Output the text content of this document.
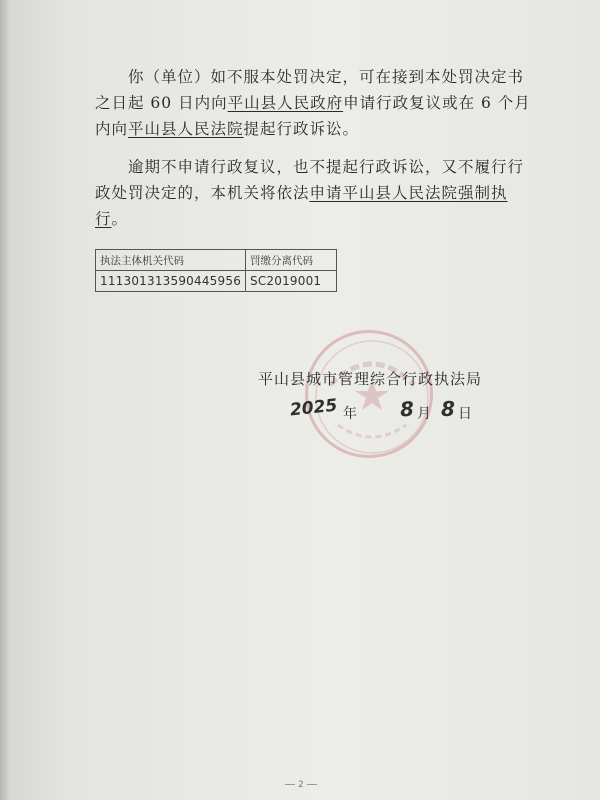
　　你（单位）如不服本处罚决定，可在接到本处罚决定书
之日起 60 日内向平山县人民政府申请行政复议或在 6 个月
内向平山县人民法院提起行政诉讼。

　　逾期不申请行政复议，也不提起行政诉讼，又不履行行
政处罚决定的，本机关将依法申请平山县人民法院强制执
行。

执法主体机关代码	罚缴分离代码
111301313590445956	SC2019001
平山县城市管理综合行政执法局
2025 年 8 月 8 日
2
